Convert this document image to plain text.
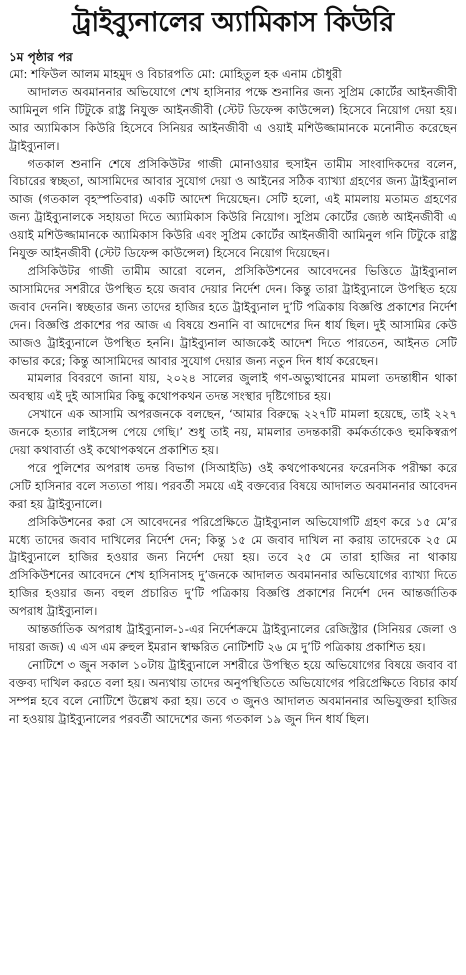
ট্রাইব্যুনালের অ্যামিকাস কিউরি

১ম পৃষ্ঠার পর

মো: শফিউল আলম মাহমুদ ও বিচারপতি মো: মোহিতুল হক এনাম চৌধুরী

আদালত অবমাননার অভিযোগে শেখ হাসিনার পক্ষে শুনানির জন্য সুপ্রিম কোর্টের আইনজীবী আমিনুল গনি টিটুকে রাষ্ট্র নিযুক্ত আইনজীবী (স্টেট ডিফেন্স কাউন্সেল) হিসেবে নিয়োগ দেয়া হয়। আর অ্যামিকাস কিউরি হিসেবে সিনিয়র আইনজীবী এ ওয়াই মশিউজ্জামানকে মনোনীত করেছেন ট্রাইব্যুনাল।

গতকাল শুনানি শেষে প্রসিকিউটর গাজী মোনাওয়ার হুসাইন তামীম সাংবাদিকদের বলেন, বিচারের স্বচ্ছতা, আসামিদের আবার সুযোগ দেয়া ও আইনের সঠিক ব্যাখ্যা গ্রহণের জন্য ট্রাইব্যুনাল আজ (গতকাল বৃহস্পতিবার) একটি আদেশ দিয়েছেন। সেটি হলো, এই মামলায় মতামত গ্রহণের জন্য ট্রাইব্যুনালকে সহায়তা দিতে অ্যামিকাস কিউরি নিয়োগ। সুপ্রিম কোর্টের জ্যেষ্ঠ আইনজীবী এ ওয়াই মশিউজ্জামানকে অ্যামিকাস কিউরি এবং সুপ্রিম কোর্টের আইনজীবী আমিনুল গনি টিটুকে রাষ্ট্র নিযুক্ত আইনজীবী (স্টেট ডিফেন্স কাউন্সেল) হিসেবে নিয়োগ দিয়েছেন।

প্রসিকিউটর গাজী তামীম আরো বলেন, প্রসিকিউশনের আবেদনের ভিত্তিতে ট্রাইব্যুনাল আসামিদের সশরীরে উপস্থিত হয়ে জবাব দেয়ার নির্দেশ দেন। কিন্তু তারা ট্রাইব্যুনালে উপস্থিত হয়ে জবাব দেননি। স্বচ্ছতার জন্য তাদের হাজির হতে ট্রাইব্যুনাল দু’টি পত্রিকায় বিজ্ঞপ্তি প্রকাশের নির্দেশ দেন। বিজ্ঞপ্তি প্রকাশের পর আজ এ বিষয়ে শুনানি বা আদেশের দিন ধার্য ছিল। দুই আসামির কেউ আজও ট্রাইব্যুনালে উপস্থিত হননি। ট্রাইব্যুনাল আজকেই আদেশ দিতে পারতেন, আইনত সেটি কাভার করে; কিন্তু আসামিদের আবার সুযোগ দেয়ার জন্য নতুন দিন ধার্য করেছেন।

মামলার বিবরণে জানা যায়, ২০২৪ সালের জুলাই গণ-অভ্যুত্থানের মামলা তদন্তাধীন থাকা অবস্থায় এই দুই আসামির কিছু কথোপকথন তদন্ত সংস্থার দৃষ্টিগোচর হয়।

সেখানে এক আসামি অপরজনকে বলছেন, ‘আমার বিরুদ্ধে ২২৭টি মামলা হয়েছে, তাই ২২৭ জনকে হত্যার লাইসেন্স পেয়ে গেছি।’ শুধু তাই নয়, মামলার তদন্তকারী কর্মকর্তাকেও হুমকিস্বরূপ দেয়া কথাবার্তা ওই কথোপকথনে প্রকাশিত হয়।

পরে পুলিশের অপরাধ তদন্ত বিভাগ (সিআইডি) ওই কথপোকথনের ফরেনসিক পরীক্ষা করে সেটি হাসিনার বলে সত্যতা পায়। পরবর্তী সময়ে এই বক্তব্যের বিষয়ে আদালত অবমাননার আবেদন করা হয় ট্রাইব্যুনালে।

প্রসিকিউশনের করা সে আবেদনের পরিপ্রেক্ষিতে ট্রাইব্যুনাল অভিযোগটি গ্রহণ করে ১৫ মে’র মধ্যে তাদের জবাব দাখিলের নির্দেশ দেন; কিন্তু ১৫ মে জবাব দাখিল না করায় তাদেরকে ২৫ মে ট্রাইব্যুনালে হাজির হওয়ার জন্য নির্দেশ দেয়া হয়। তবে ২৫ মে তারা হাজির না থাকায় প্রসিকিউশনের আবেদনে শেখ হাসিনাসহ দু’জনকে আদালত অবমাননার অভিযোগের ব্যাখ্যা দিতে হাজির হওয়ার জন্য বহুল প্রচারিত দু’টি পত্রিকায় বিজ্ঞপ্তি প্রকাশের নির্দেশ দেন আন্তর্জাতিক অপরাধ ট্রাইব্যুনাল।

আন্তর্জাতিক অপরাধ ট্রাইব্যুনাল-১-এর নির্দেশক্রমে ট্রাইব্যুনালের রেজিস্ট্রার (সিনিয়র জেলা ও দায়রা জজ) এ এস এম রুহুল ইমরান স্বাক্ষরিত নোটিশটি ২৬ মে দু’টি পত্রিকায় প্রকাশিত হয়।

নোটিশে ৩ জুন সকাল ১০টায় ট্রাইব্যুনালে সশরীরে উপস্থিত হয়ে অভিযোগের বিষয়ে জবাব বা বক্তব্য দাখিল করতে বলা হয়। অন্যথায় তাদের অনুপস্থিতিতে অভিযোগের পরিপ্রেক্ষিতে বিচার কার্য সম্পন্ন হবে বলে নোটিশে উল্লেখ করা হয়। তবে ৩ জুনও আদালত অবমাননার অভিযুক্তরা হাজির না হওয়ায় ট্রাইব্যুনালের পরবর্তী আদেশের জন্য গতকাল ১৯ জুন দিন ধার্য ছিল।
